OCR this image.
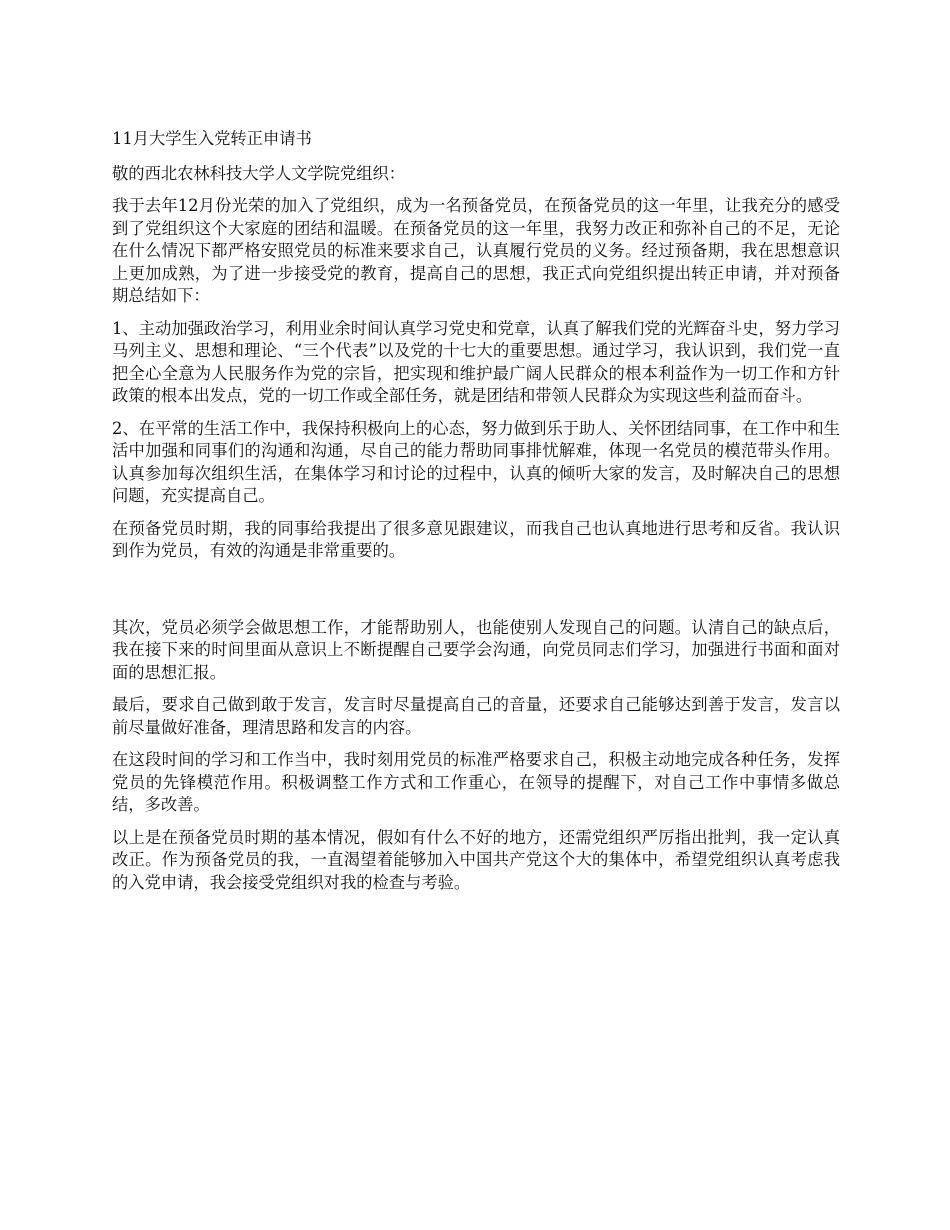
11月大学生入党转正申请书
敬的西北农林科技大学人文学院党组织：
我于去年12月份光荣的加入了党组织，成为一名预备党员，在预备党员的这一年里，让我充分的感受到了党组织这个大家庭的团结和温暖。在预备党员的这一年里，我努力改正和弥补自己的不足，无论在什么情况下都严格安照党员的标准来要求自己，认真履行党员的义务。经过预备期，我在思想意识上更加成熟，为了进一步接受党的教育，提高自己的思想，我正式向党组织提出转正申请，并对预备期总结如下：
1、主动加强政治学习，利用业余时间认真学习党史和党章，认真了解我们党的光辉奋斗史，努力学习马列主义、思想和理论、“三个代表”以及党的十七大的重要思想。通过学习，我认识到，我们党一直把全心全意为人民服务作为党的宗旨，把实现和维护最广阔人民群众的根本利益作为一切工作和方针政策的根本出发点，党的一切工作或全部任务，就是团结和带领人民群众为实现这些利益而奋斗。
2、在平常的生活工作中，我保持积极向上的心态，努力做到乐于助人、关怀团结同事，在工作中和生活中加强和同事们的沟通和沟通，尽自己的能力帮助同事排忧解难，体现一名党员的模范带头作用。认真参加每次组织生活，在集体学习和讨论的过程中，认真的倾听大家的发言，及时解决自己的思想问题，充实提高自己。
在预备党员时期，我的同事给我提出了很多意见跟建议，而我自己也认真地进行思考和反省。我认识到作为党员，有效的沟通是非常重要的。
其次，党员必须学会做思想工作，才能帮助别人，也能使别人发现自己的问题。认清自己的缺点后，我在接下来的时间里面从意识上不断提醒自己要学会沟通，向党员同志们学习，加强进行书面和面对面的思想汇报。
最后，要求自己做到敢于发言，发言时尽量提高自己的音量，还要求自己能够达到善于发言，发言以前尽量做好准备，理清思路和发言的内容。
在这段时间的学习和工作当中，我时刻用党员的标准严格要求自己，积极主动地完成各种任务，发挥党员的先锋模范作用。积极调整工作方式和工作重心，在领导的提醒下，对自己工作中事情多做总结，多改善。
以上是在预备党员时期的基本情况，假如有什么不好的地方，还需党组织严厉指出批判，我一定认真改正。作为预备党员的我，一直渴望着能够加入中国共产党这个大的集体中，希望党组织认真考虑我的入党申请，我会接受党组织对我的检查与考验。
